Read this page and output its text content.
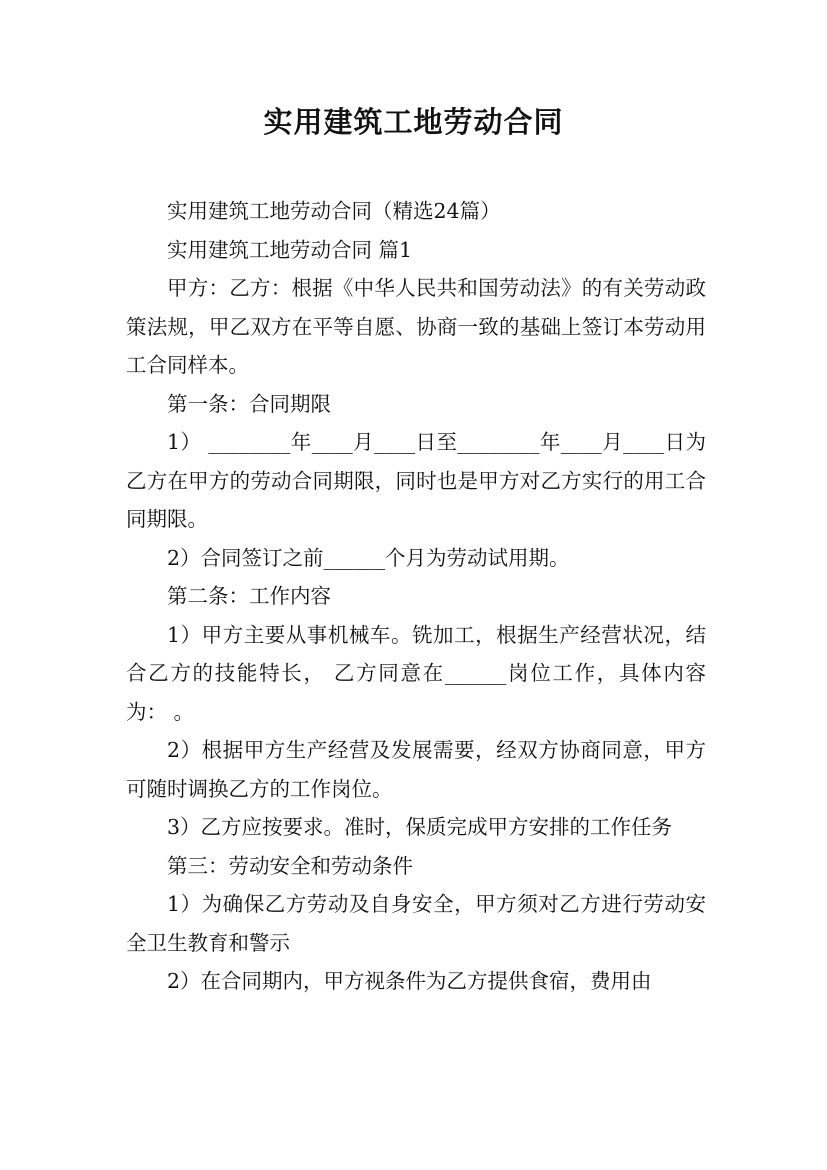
实用建筑工地劳动合同

实用建筑工地劳动合同（精选24篇）

实用建筑工地劳动合同 篇1

甲方：乙方：根据《中华人民共和国劳动法》的有关劳动政策法规，甲乙双方在平等自愿、协商一致的基础上签订本劳动用工合同样本。

第一条：合同期限

1） ________年____月____日至________年____月____日为乙方在甲方的劳动合同期限，同时也是甲方对乙方实行的用工合同期限。

2）合同签订之前______个月为劳动试用期。

第二条：工作内容

1）甲方主要从事机械车。铣加工，根据生产经营状况，结合乙方的技能特长， 乙方同意在______岗位工作，具体内容为： 。

2）根据甲方生产经营及发展需要，经双方协商同意，甲方可随时调换乙方的工作岗位。

3）乙方应按要求。准时，保质完成甲方安排的工作任务

第三：劳动安全和劳动条件

1）为确保乙方劳动及自身安全，甲方须对乙方进行劳动安全卫生教育和警示

2）在合同期内，甲方视条件为乙方提供食宿，费用由
